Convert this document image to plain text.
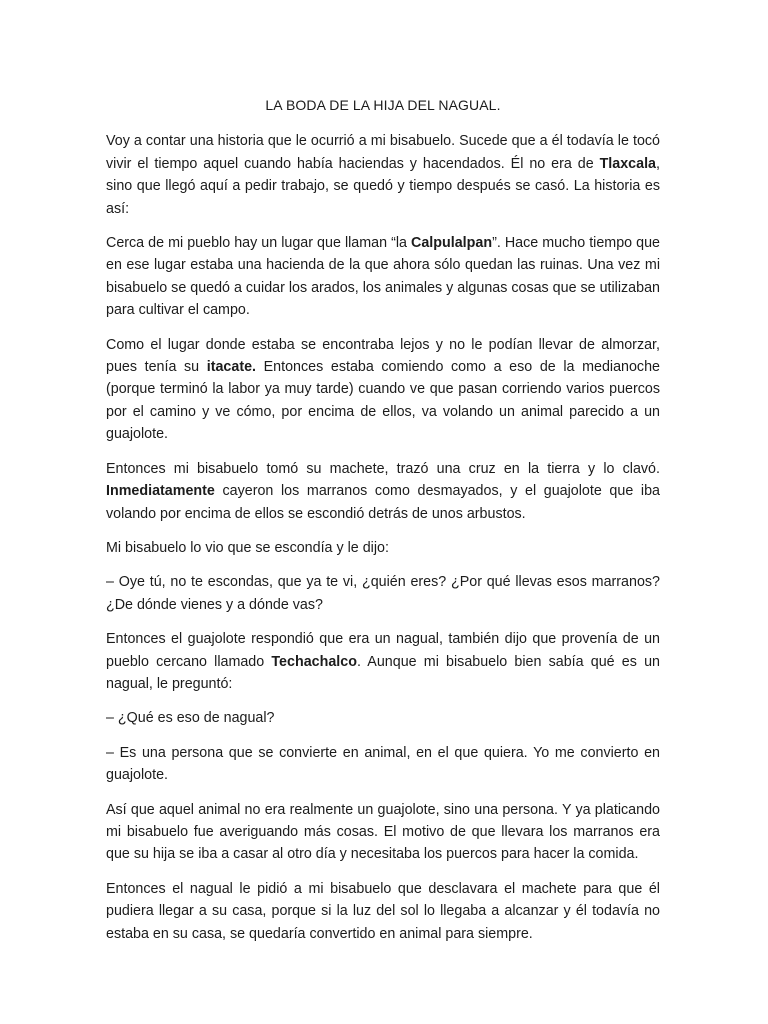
LA BODA DE LA HIJA DEL NAGUAL.

Voy a contar una historia que le ocurrió a mi bisabuelo. Sucede que a él todavía le tocó vivir el tiempo aquel cuando había haciendas y hacendados. Él no era de Tlaxcala, sino que llegó aquí a pedir trabajo, se quedó y tiempo después se casó. La historia es así:

Cerca de mi pueblo hay un lugar que llaman “la Calpulalpan”. Hace mucho tiempo que en ese lugar estaba una hacienda de la que ahora sólo quedan las ruinas. Una vez mi bisabuelo se quedó a cuidar los arados, los animales y algunas cosas que se utilizaban para cultivar el campo.

Como el lugar donde estaba se encontraba lejos y no le podían llevar de almorzar, pues tenía su itacate. Entonces estaba comiendo como a eso de la medianoche (porque terminó la labor ya muy tarde) cuando ve que pasan corriendo varios puercos por el camino y ve cómo, por encima de ellos, va volando un animal parecido a un guajolote.

Entonces mi bisabuelo tomó su machete, trazó una cruz en la tierra y lo clavó. Inmediatamente cayeron los marranos como desmayados, y el guajolote que iba volando por encima de ellos se escondió detrás de unos arbustos.

Mi bisabuelo lo vio que se escondía y le dijo:

– Oye tú, no te escondas, que ya te vi, ¿quién eres? ¿Por qué llevas esos marranos? ¿De dónde vienes y a dónde vas?

Entonces el guajolote respondió que era un nagual, también dijo que provenía de un pueblo cercano llamado Techachalco. Aunque mi bisabuelo bien sabía qué es un nagual, le preguntó:

– ¿Qué es eso de nagual?

– Es una persona que se convierte en animal, en el que quiera. Yo me convierto en guajolote.

Así que aquel animal no era realmente un guajolote, sino una persona. Y ya platicando mi bisabuelo fue averiguando más cosas. El motivo de que llevara los marranos era que su hija se iba a casar al otro día y necesitaba los puercos para hacer la comida.

Entonces el nagual le pidió a mi bisabuelo que desclavara el machete para que él pudiera llegar a su casa, porque si la luz del sol lo llegaba a alcanzar y él todavía no estaba en su casa, se quedaría convertido en animal para siempre.
